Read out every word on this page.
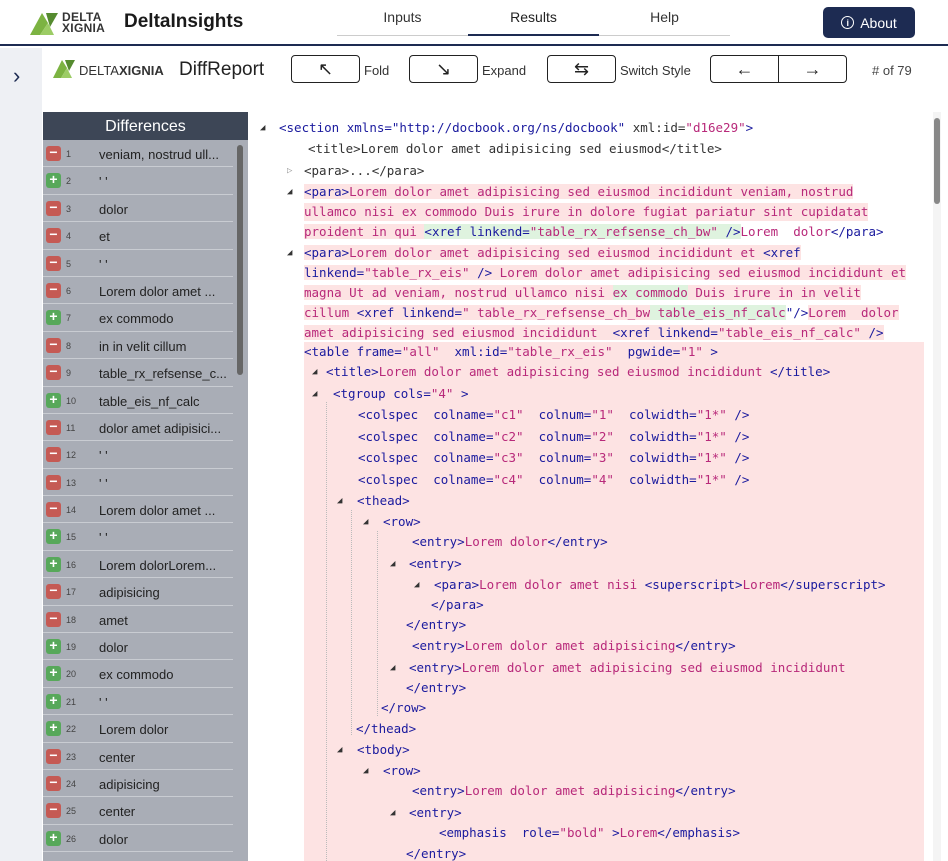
DELTA
XIGNIA DeltaInsights	Inputs	Results	Help	i About
›	DELTAXIGNIA DiffReport	↖ Fold	↘ Expand	⇆ Switch Style ←	→	# of 79
Differences
− 1 veniam, nostrud ull...
+ 2 ' '
− 3 dolor
− 4 et
− 5 ' '
− 6 Lorem dolor amet ...
+ 7 ex commodo
− 8 in in velit cillum
− 9 table_rx_refsense_c...
+ 10 table_eis_nf_calc
− 11 dolor amet adipisici...
− 12 ' '
− 13 ' '
− 14 Lorem dolor amet ...
+ 15 ' '
+ 16 Lorem dolorLorem...
− 17 adipisicing
− 18 amet
+ 19 dolor
+ 20 ex commodo
+ 21 ' '
+ 22 Lorem dolor
− 23 center
− 24 adipisicing
− 25 center
+ 26 dolor
◢ <section xmlns="http://docbook.org/ns/docbook" xml:id="d16e29">
<title>Lorem dolor amet adipisicing sed eiusmod</title>
▷ <para>...</para>
◢ <para>Lorem dolor amet adipisicing sed eiusmod incididunt veniam, nostrud
ullamco nisi ex commodo Duis irure in dolore fugiat pariatur sint cupidatat
proident in qui <xref linkend="table_rx_refsense_ch_bw" />Lorem  dolor</para>
◢ <para>Lorem dolor amet adipisicing sed eiusmod incididunt et <xref
linkend="table_rx_eis" /> Lorem dolor amet adipisicing sed eiusmod incididunt et
magna Ut ad veniam, nostrud ullamco nisi ex commodo Duis irure in in velit
cillum <xref linkend=" table_rx_refsense_ch_bw table_eis_nf_calc"/>Lorem  dolor
amet adipisicing sed eiusmod incididunt  <xref linkend="table_eis_nf_calc" />
<table frame="all"  xml:id="table_rx_eis"  pgwide="1" >
◢ <title>Lorem dolor amet adipisicing sed eiusmod incididunt </title>
◢ <tgroup cols="4" >
<colspec  colname="c1"  colnum="1"  colwidth="1*" />
<colspec  colname="c2"  colnum="2"  colwidth="1*" />
<colspec  colname="c3"  colnum="3"  colwidth="1*" />
<colspec  colname="c4"  colnum="4"  colwidth="1*" />
◢ <thead>
◢ <row>
<entry>Lorem dolor</entry>
◢ <entry>
◢ <para>Lorem dolor amet nisi <superscript>Lorem</superscript>
</para>
</entry>
<entry>Lorem dolor amet adipisicing</entry>
◢ <entry>Lorem dolor amet adipisicing sed eiusmod incididunt
</entry>
</row>
</thead>
◢ <tbody>
◢ <row>
<entry>Lorem dolor amet adipisicing</entry>
◢ <entry>
<emphasis  role="bold" >Lorem</emphasis>
</entry>
